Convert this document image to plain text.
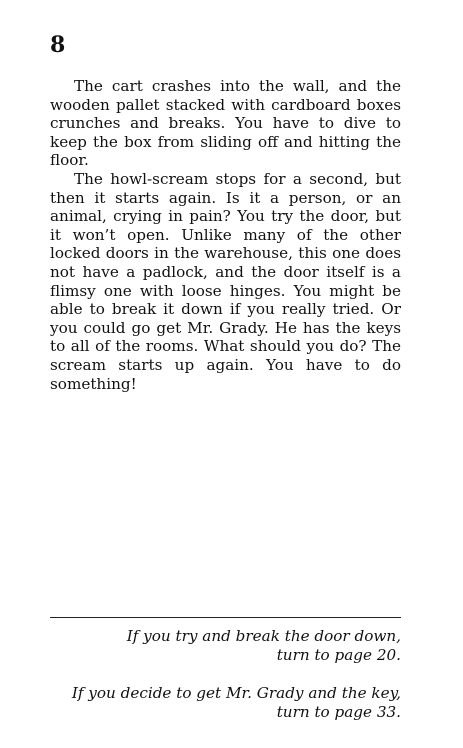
8

The cart crashes into the wall, and the wooden pallet stacked with cardboard boxes crunches and breaks. You have to dive to keep the box from sliding off and hitting the floor.

The howl-scream stops for a second, but then it starts again. Is it a person, or an animal, crying in pain? You try the door, but it won’t open. Unlike many of the other locked doors in the warehouse, this one does not have a padlock, and the door itself is a flimsy one with loose hinges. You might be able to break it down if you really tried. Or you could go get Mr. Grady. He has the keys to all of the rooms. What should you do? The scream starts up again. You have to do something!

If you try and break the door down,
turn to page 20.
If you decide to get Mr. Grady and the key,
turn to page 33.
